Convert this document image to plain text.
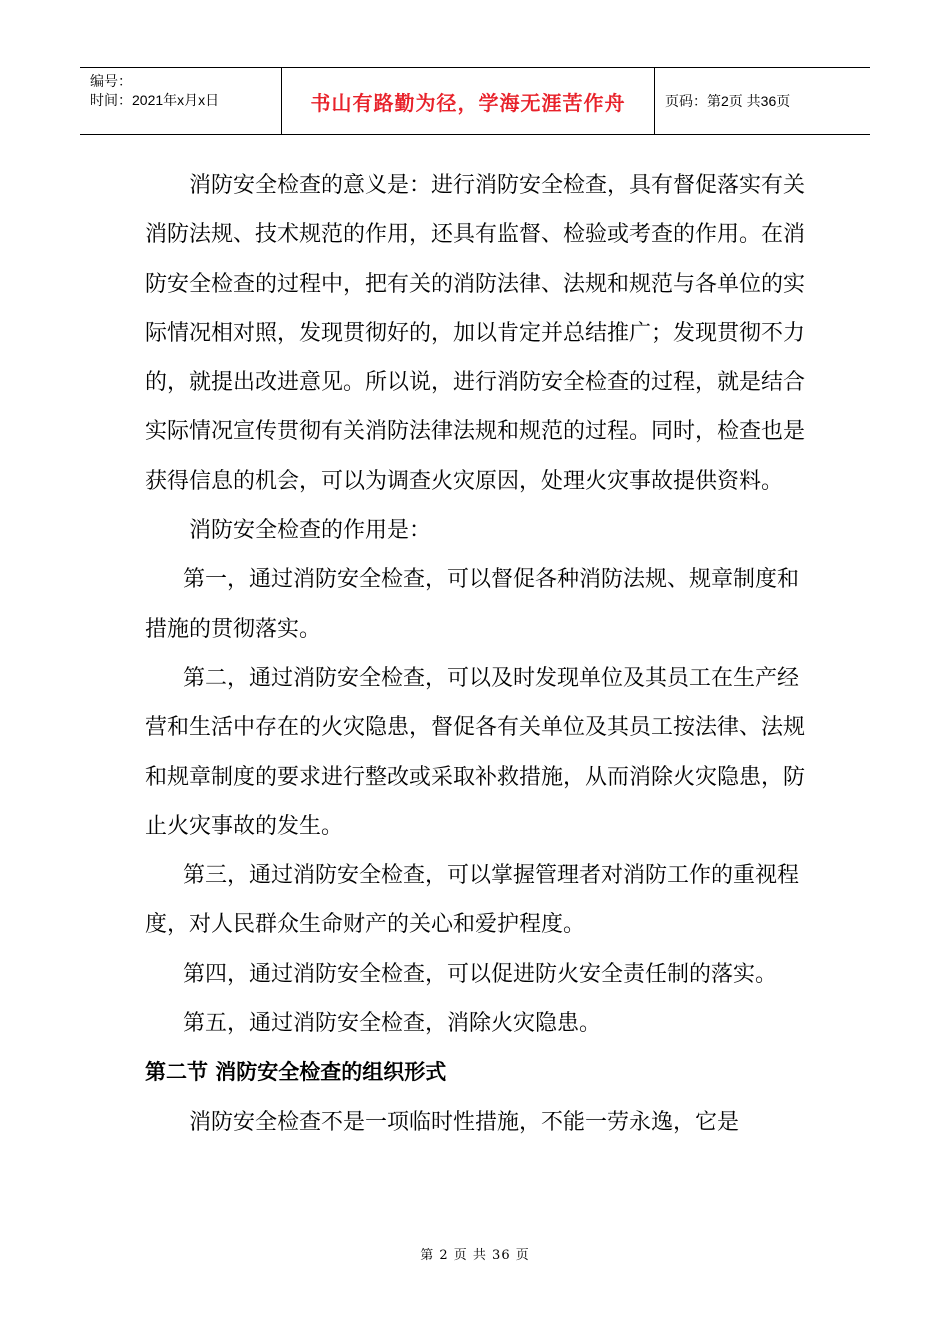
编号：
时间：2021年x月x日	书山有路勤为径，学海无涯苦作舟	页码：第2页 共36页

消防安全检查的意义是：进行消防安全检查，具有督促落实有关消防法规、技术规范的作用，还具有监督、检验或考查的作用。在消防安全检查的过程中，把有关的消防法律、法规和规范与各单位的实际情况相对照，发现贯彻好的，加以肯定并总结推广；发现贯彻不力的，就提出改进意见。所以说，进行消防安全检查的过程，就是结合实际情况宣传贯彻有关消防法律法规和规范的过程。同时，检查也是获得信息的机会，可以为调查火灾原因，处理火灾事故提供资料。

消防安全检查的作用是：

第一，通过消防安全检查，可以督促各种消防法规、规章制度和措施的贯彻落实。

第二，通过消防安全检查，可以及时发现单位及其员工在生产经营和生活中存在的火灾隐患，督促各有关单位及其员工按法律、法规和规章制度的要求进行整改或采取补救措施，从而消除火灾隐患，防止火灾事故的发生。

第三，通过消防安全检查，可以掌握管理者对消防工作的重视程度，对人民群众生命财产的关心和爱护程度。

第四，通过消防安全检查，可以促进防火安全责任制的落实。

第五，通过消防安全检查，消除火灾隐患。

第二节 消防安全检查的组织形式

消防安全检查不是一项临时性措施，不能一劳永逸，它是

第 2 页 共 36 页
